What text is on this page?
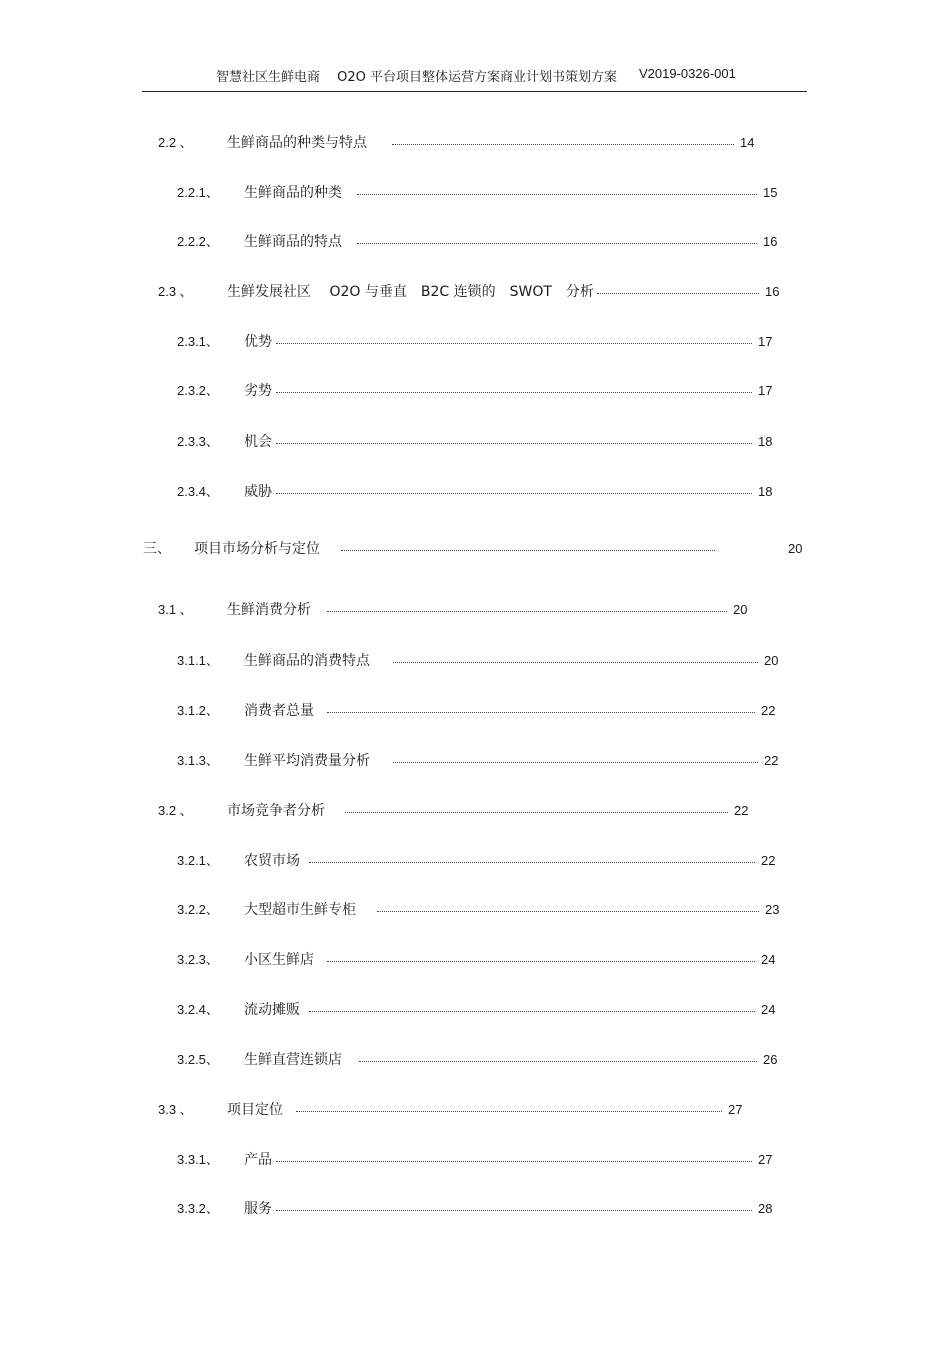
智慧社区生鲜电商　 O2O 平台项目整体运营方案商业计划书策划方案 V2019-0326-001
2.2 、 生鲜商品的种类与特点	14
2.2.1、 生鲜商品的种类	15
2.2.2、 生鲜商品的特点	16
2.3 、 生鲜发展社区　 O2O 与垂直　B2C 连锁的　SWOT　分析	16
2.3.1、 优势	17
2.3.2、 劣势	17
2.3.3、 机会	18
2.3.4、 威胁	18
三、 项目市场分析与定位	20
3.1 、 生鲜消费分析	20
3.1.1、 生鲜商品的消费特点	20
3.1.2、 消费者总量	22
3.1.3、 生鲜平均消费量分析	22
3.2 、 市场竞争者分析	22
3.2.1、 农贸市场	22
3.2.2、 大型超市生鲜专柜	23
3.2.3、 小区生鲜店	24
3.2.4、 流动摊贩	24
3.2.5、 生鲜直营连锁店	26
3.3 、 项目定位	27
3.3.1、 产品	27
3.3.2、 服务	28
